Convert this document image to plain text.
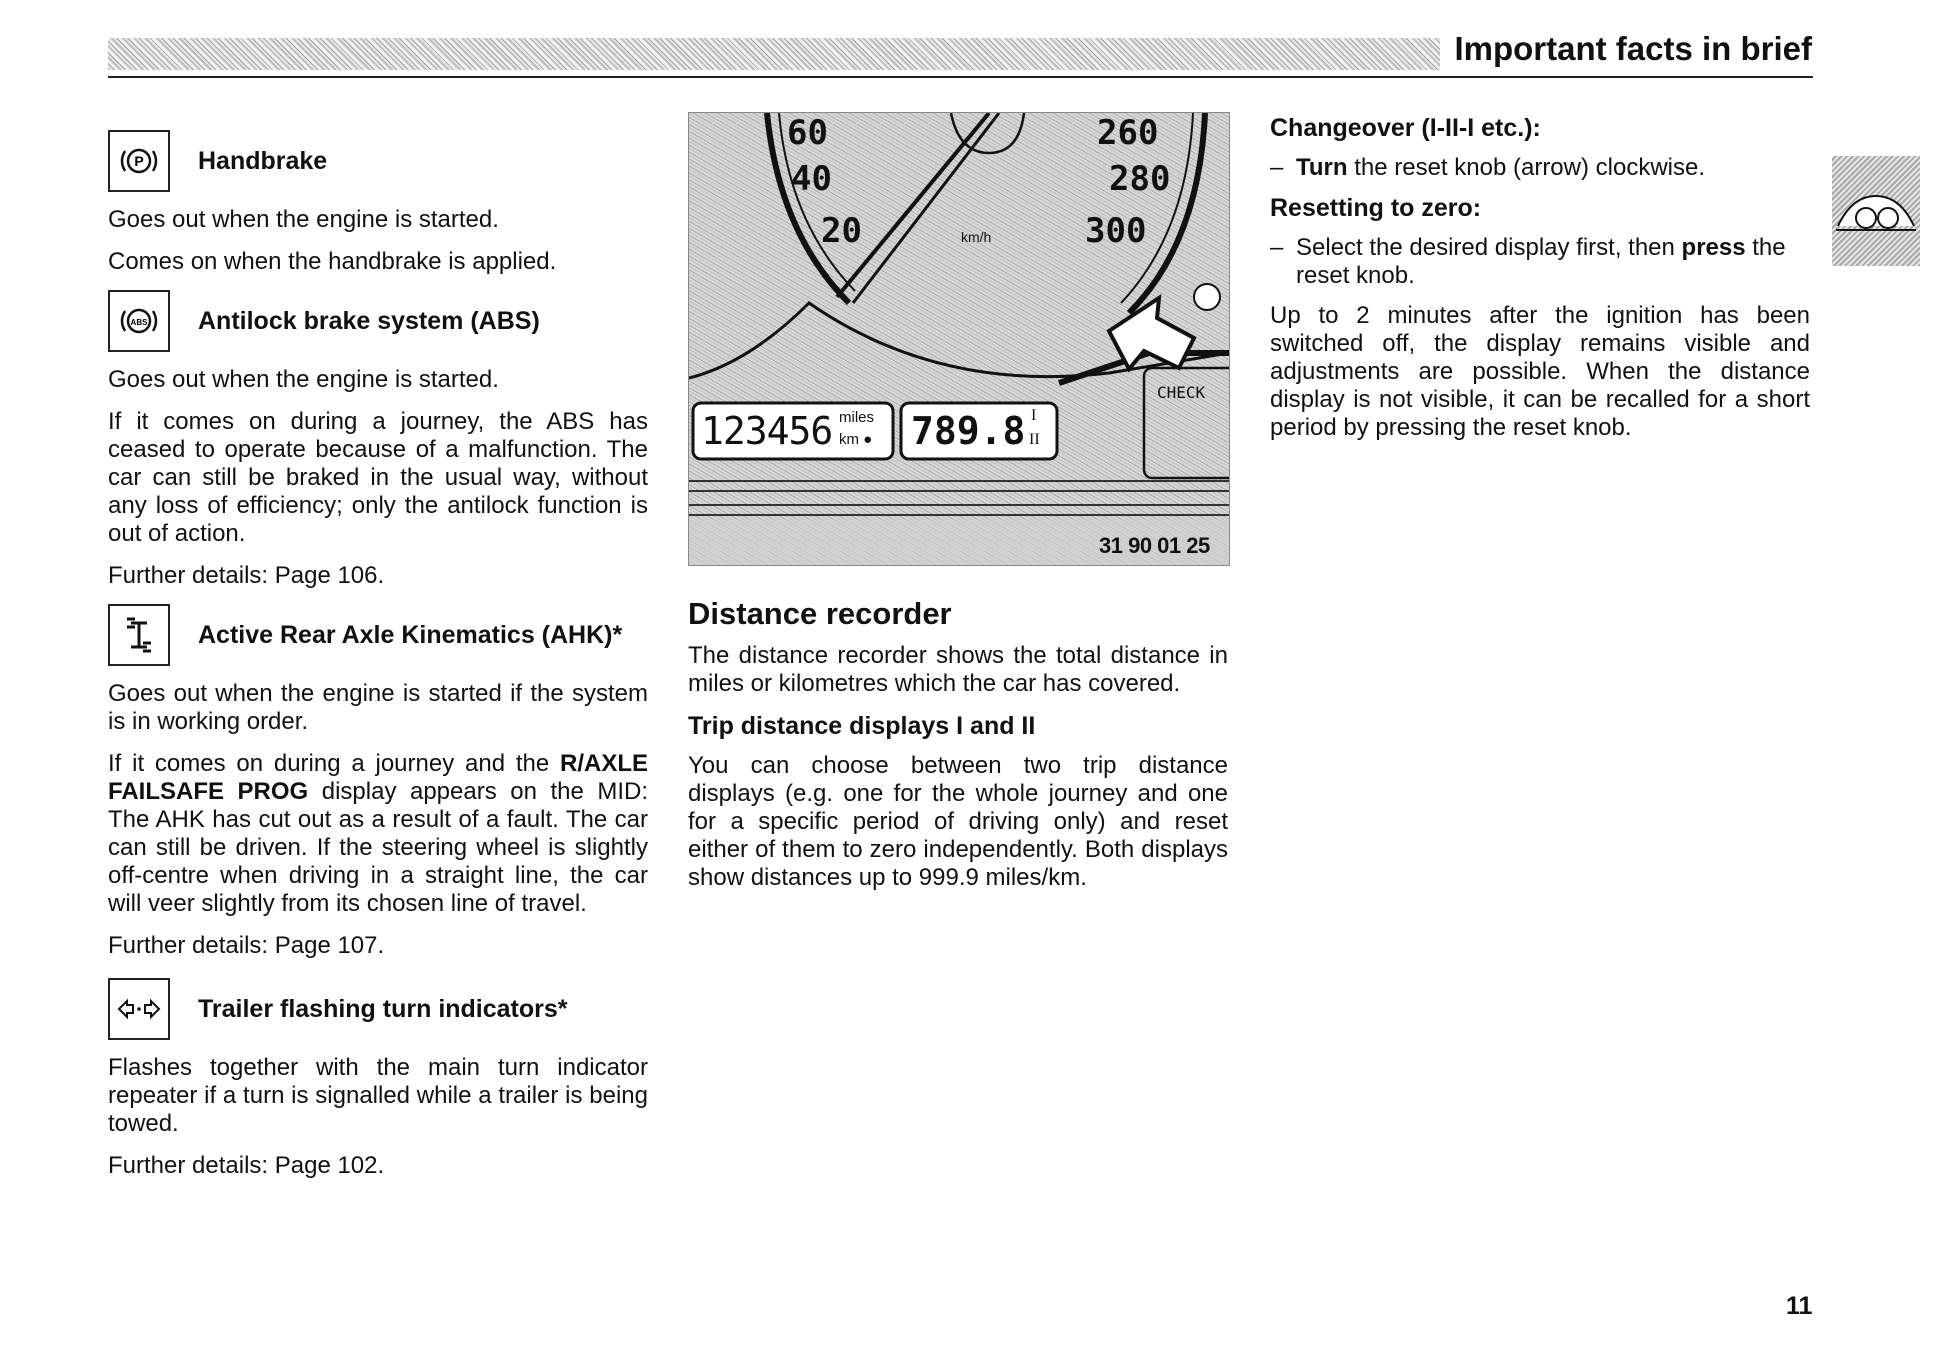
Important facts in brief
P Handbrake

Goes out when the engine is started.

Comes on when the handbrake is applied.

ABS Antilock brake system (ABS)

Goes out when the engine is started.

If it comes on during a journey, the ABS has ceased to operate because of a malfunction. The car can still be braked in the usual way, without any loss of efficiency; only the antilock function is out of action.

Further details: Page 106.

Active Rear Axle Kinematics (AHK)*

Goes out when the engine is started if the system is in working order.

If it comes on during a journey and the R/AXLE FAILSAFE PROG display appears on the MID: The AHK has cut out as a result of a fault. The car can still be driven. If the steering wheel is slightly off-centre when driving in a straight line, the car will veer slightly from its chosen line of travel.

Further details: Page 107.

Trailer flashing turn indicators*

Flashes together with the main turn indicator repeater if a turn is signalled while a trailer is being towed.

Further details: Page 102.

60
40
20
260
280
300
km/h
123456 miles
km ● 789.8 I
II
CHECK
31 90 01 25
Distance recorder

The distance recorder shows the total distance in miles or kilometres which the car has covered.

Trip distance displays I and II

You can choose between two trip distance displays (e.g. one for the whole journey and one for a specific period of driving only) and reset either of them to zero independently. Both displays show distances up to 999.9 miles/km.

Changeover (I-II-I etc.):
– Turn the reset knob (arrow) clockwise.
Resetting to zero:
– Select the desired display first, then press the reset knob.

Up to 2 minutes after the ignition has been switched off, the display remains visible and adjustments are possible. When the distance display is not visible, it can be recalled for a short period by pressing the reset knob.

11
